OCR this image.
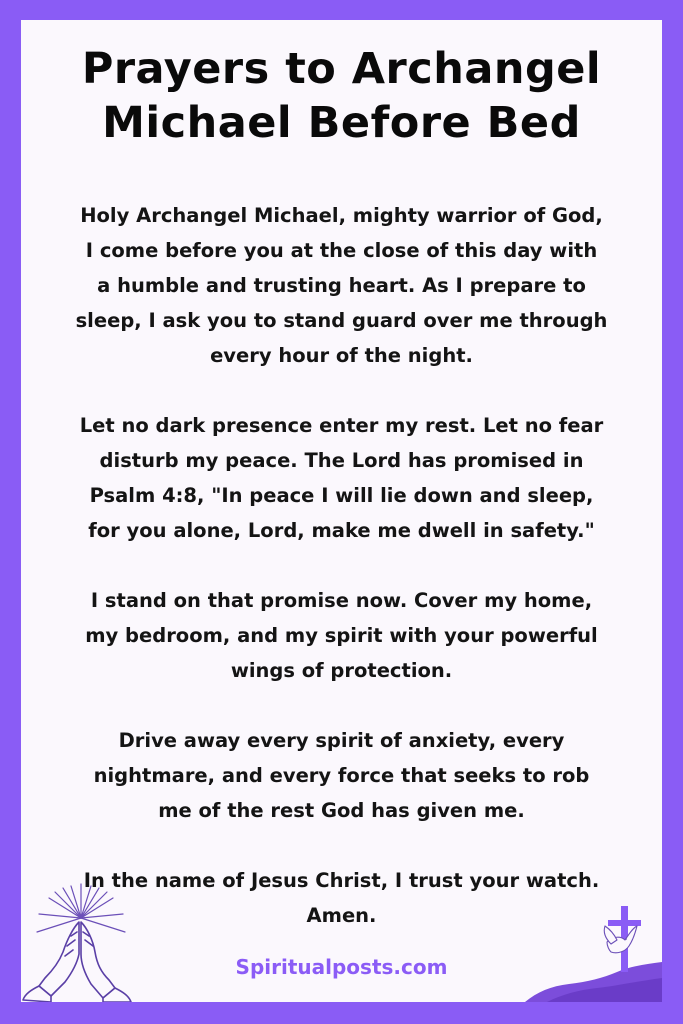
Prayers to Archangel
Michael Before Bed

Holy Archangel Michael, mighty warrior of God,
I come before you at the close of this day with
a humble and trusting heart. As I prepare to
sleep, I ask you to stand guard over me through
every hour of the night.

Let no dark presence enter my rest. Let no fear
disturb my peace. The Lord has promised in
Psalm 4:8, "In peace I will lie down and sleep,
for you alone, Lord, make me dwell in safety."

I stand on that promise now. Cover my home,
my bedroom, and my spirit with your powerful
wings of protection.

Drive away every spirit of anxiety, every
nightmare, and every force that seeks to rob
me of the rest God has given me.

In the name of Jesus Christ, I trust your watch.
Amen.

Spiritualposts.com
